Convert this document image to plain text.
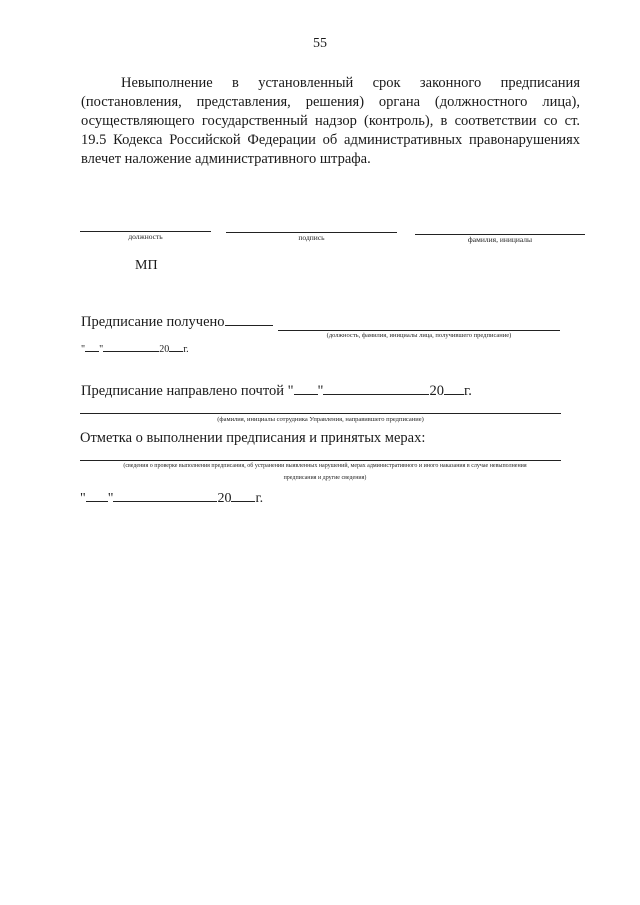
55

Невыполнение в установленный срок законного предписания (постановления, представления, решения) органа (должностного лица), осуществляющего государственный надзор (контроль), в соответствии со ст. 19.5 Кодекса Российской Федерации об административных правонарушениях влечет наложение административного штрафа.

должность	подпись	фамилия, инициалы
МП
Предписание получено
(должность, фамилия, инициалы лица, получившего предписание)
" "	20 г.
Предписание направлено почтой " "	20 г.
(фамилия, инициалы сотрудника Управления, направившего предписание)
Отметка о выполнении предписания и принятых мерах:
(сведения о проверке выполнения предписания, об устранении выявленных нарушений, мерах административного и иного наказания в случае невыполнения
предписания и другие сведения)
" "	20 г.
